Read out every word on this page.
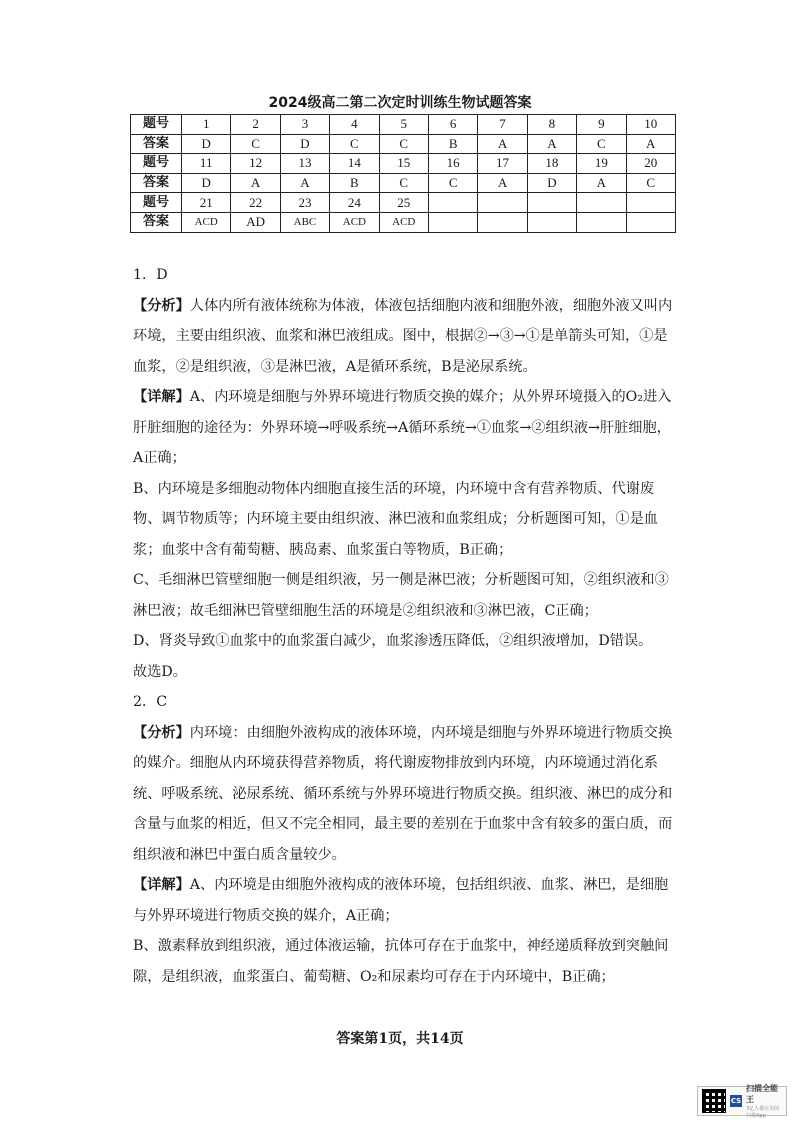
2024级高二第二次定时训练生物试题答案
题号	1	2	3	4	5	6	7	8	9	10
答案	D	C	D	C	C	B	A	A	C	A
题号	11	12	13	14	15	16	17	18	19	20
答案	D	A	A	B	C	C	A	D	A	C
题号	21	22	23	24	25					
答案	ACD	AD	ABC	ACD	ACD					

1．D

【分析】人体内所有液体统称为体液，体液包括细胞内液和细胞外液，细胞外液又叫内环境，主要由组织液、血浆和淋巴液组成。图中，根据②→③→①是单箭头可知，①是血浆，②是组织液，③是淋巴液，A是循环系统，B是泌尿系统。

【详解】A、内环境是细胞与外界环境进行物质交换的媒介；从外界环境摄入的O₂进入肝脏细胞的途径为：外界环境→呼吸系统→A循环系统→①血浆→②组织液→肝脏细胞，A正确；

B、内环境是多细胞动物体内细胞直接生活的环境，内环境中含有营养物质、代谢废物、调节物质等；内环境主要由组织液、淋巴液和血浆组成；分析题图可知，①是血浆；血浆中含有葡萄糖、胰岛素、血浆蛋白等物质，B正确；

C、毛细淋巴管壁细胞一侧是组织液，另一侧是淋巴液；分析题图可知，②组织液和③淋巴液；故毛细淋巴管壁细胞生活的环境是②组织液和③淋巴液，C正确；

D、肾炎导致①血浆中的血浆蛋白减少，血浆渗透压降低，②组织液增加，D错误。

故选D。

2．C

【分析】内环境：由细胞外液构成的液体环境，内环境是细胞与外界环境进行物质交换的媒介。细胞从内环境获得营养物质，将代谢废物排放到内环境，内环境通过消化系统、呼吸系统、泌尿系统、循环系统与外界环境进行物质交换。组织液、淋巴的成分和含量与血浆的相近，但又不完全相同，最主要的差别在于血浆中含有较多的蛋白质，而组织液和淋巴中蛋白质含量较少。

【详解】A、内环境是由细胞外液构成的液体环境，包括组织液、血浆、淋巴，是细胞与外界环境进行物质交换的媒介，A正确；

B、激素释放到组织液，通过体液运输，抗体可存在于血浆中，神经递质释放到突触间隙，是组织液，血浆蛋白、葡萄糖、O₂和尿素均可存在于内环境中，B正确；

答案第1页，共14页
CS
扫描全能王
3亿人都在用的扫描App
